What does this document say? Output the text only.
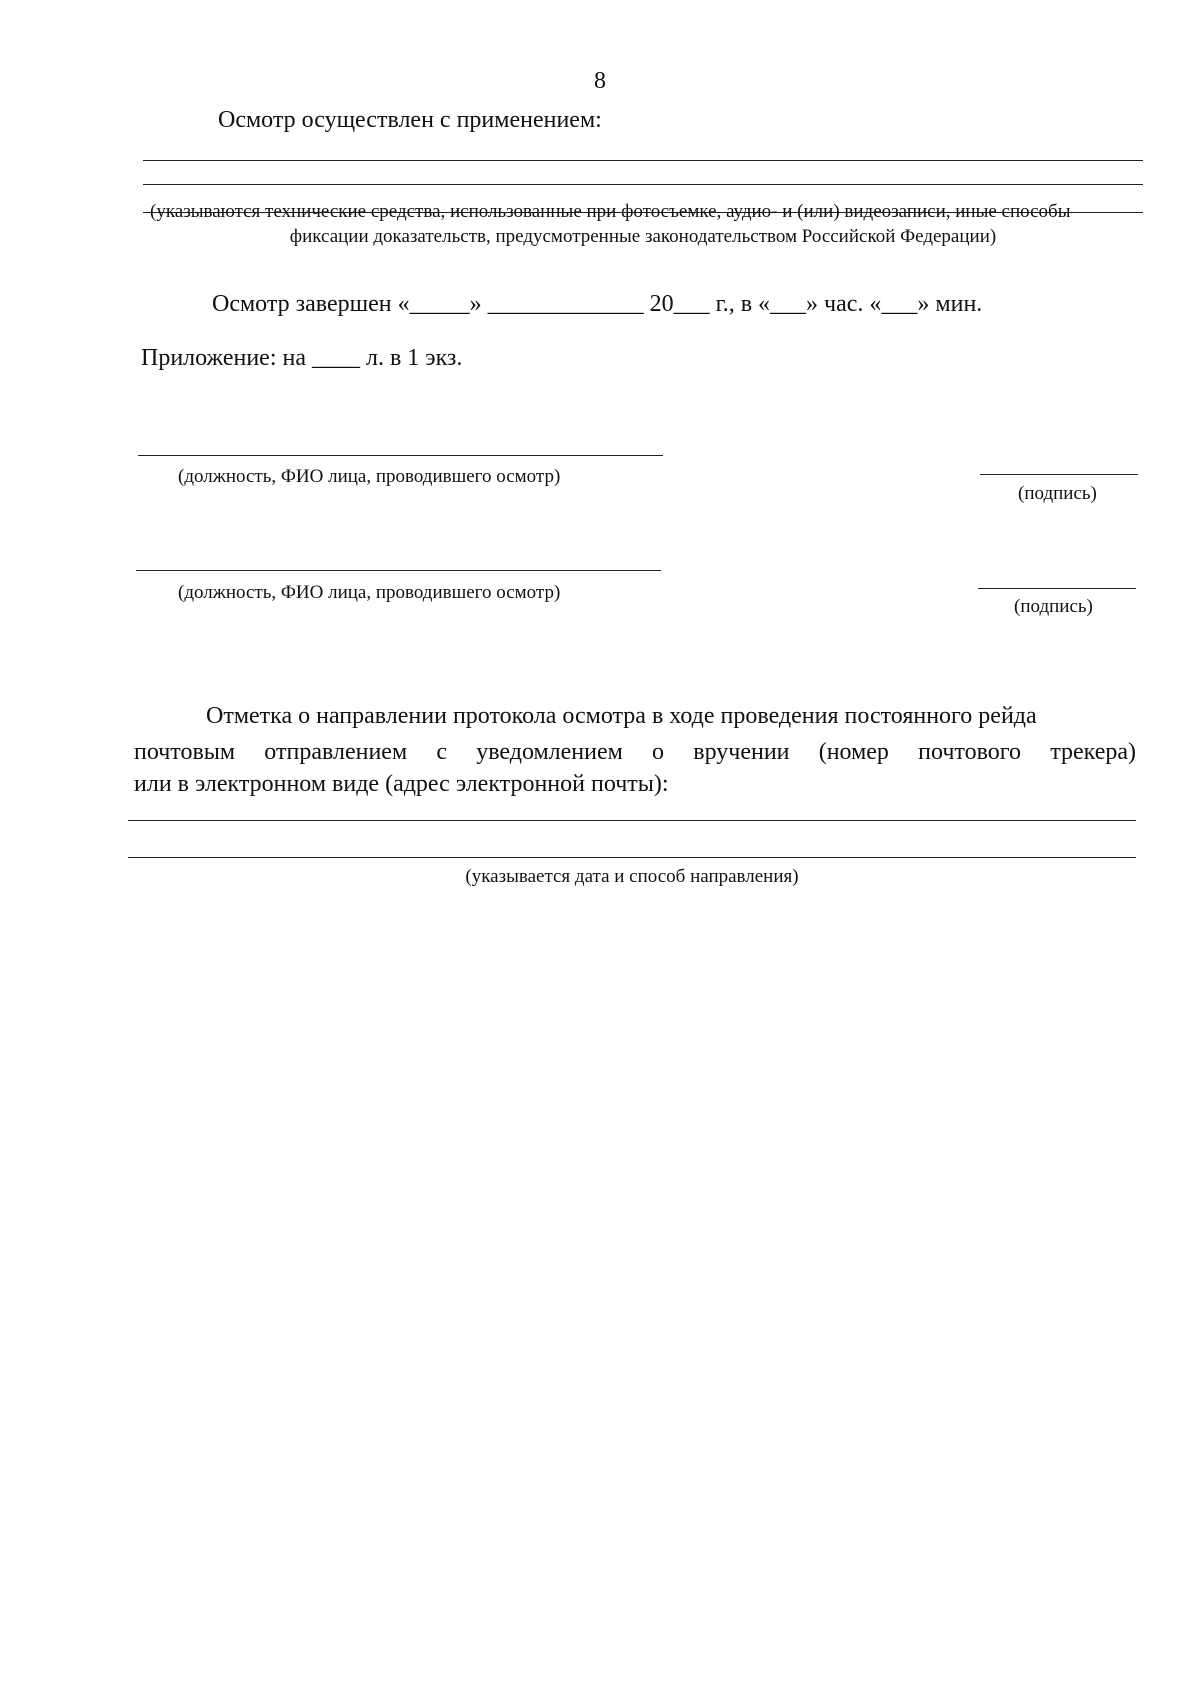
8
Осмотр осуществлен с применением:
(указываются технические средства, использованные при фотосъемке, аудио- и (или) видеозаписи, иные способы
фиксации доказательств, предусмотренные законодательством Российской Федерации)
Осмотр завершен «_____» _____________ 20___ г., в «___» час. «___» мин.
Приложение: на ____ л. в 1 экз.
(должность, ФИО лица, проводившего осмотр)
(подпись)
(должность, ФИО лица, проводившего осмотр)
(подпись)
Отметка о направлении протокола осмотра в ходе проведения постоянного рейда
почтовым отправлением с уведомлением о вручении (номер почтового трекера)
или в электронном виде (адрес электронной почты):
(указывается дата и способ направления)
